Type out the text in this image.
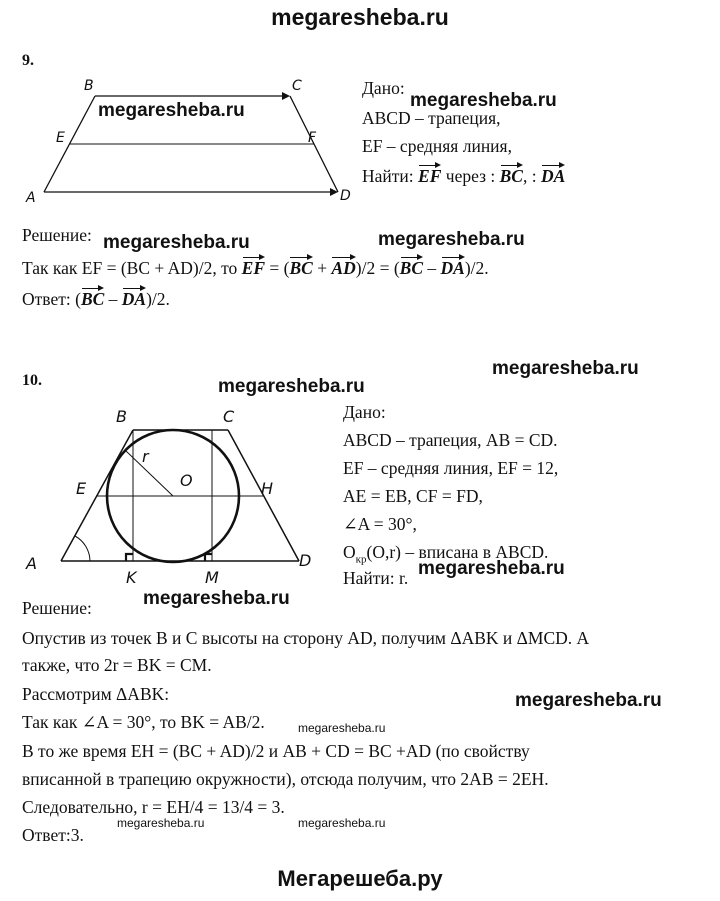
megaresheba.ru
9.
B	C
E	F
A	D
megaresheba.ru
Дано:
megaresheba.ru
ABCD – трапеция,
EF – средняя линия,
Найти: EF через : BC, : DA
Решение: megaresheba.ru	megaresheba.ru
Так как EF = (BC + AD)/2, то EF = (BC + AD)/2 = (BC – DA)/2.
Ответ: (BC – DA)/2.
10.	megaresheba.ru
megaresheba.ru
B	C
r
O
E	H
A	D
K	M
Дано:
ABCD – трапеция, AB = CD.
EF – средняя линия, EF = 12,
AE = EB, CF = FD,
∠A = 30°,
$O_{кр}(O,r)$ – вписана в ABCD.
Найти: r. megaresheba.ru
Решение:	megaresheba.ru
Опустив из точек B и C высоты на сторону AD, получим ΔABK и ΔMCD. А
также, что 2r = BK = CM.
Рассмотрим ΔABK:	megaresheba.ru
Так как ∠A = 30°, то BK = AB/2.	megaresheba.ru
В то же время EH = (BC + AD)/2 и AB + CD = BC +AD (по свойству
вписанной в трапецию окружности), отсюда получим, что 2AB = 2EH.
Следовательно, r = EH/4 = 13/4 = 3.
megaresheba.ru	megaresheba.ru
Ответ:3.
Мегарешеба.ру
